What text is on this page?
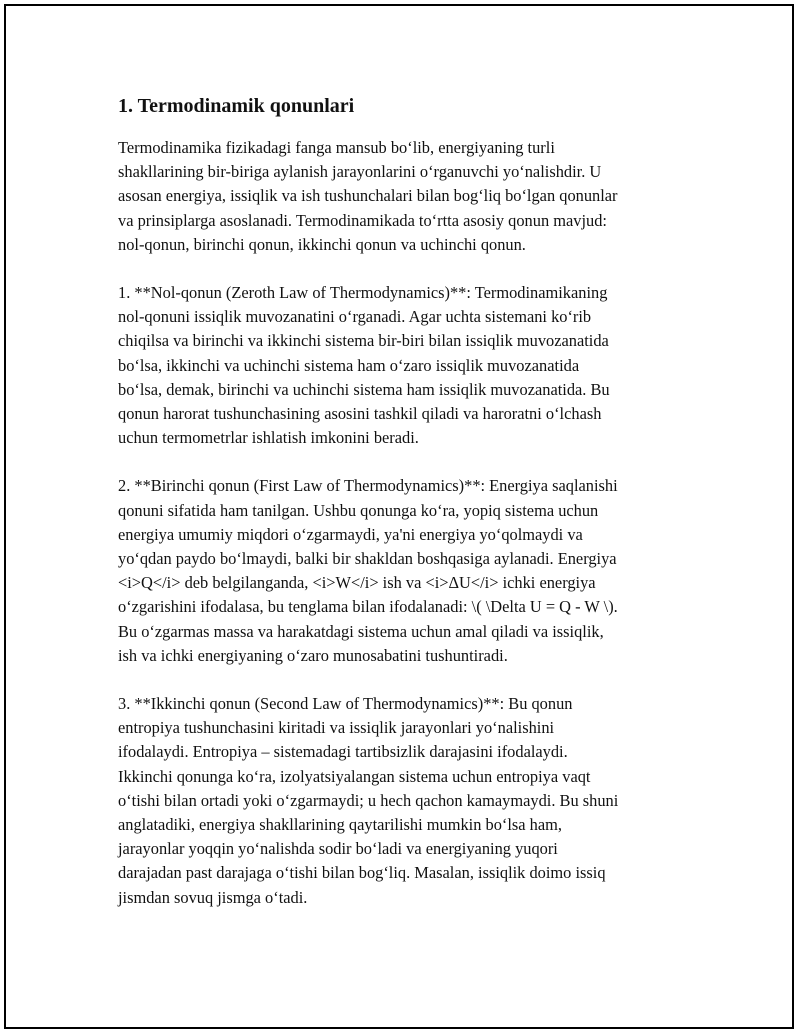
1. Termodinamik qonunlari

Termodinamika fizikadagi fanga mansub bo‘lib, energiyaning turli
shakllarining bir-biriga aylanish jarayonlarini o‘rganuvchi yo‘nalishdir. U
asosan energiya, issiqlik va ish tushunchalari bilan bog‘liq bo‘lgan qonunlar
va prinsiplarga asoslanadi. Termodinamikada to‘rtta asosiy qonun mavjud:
nol-qonun, birinchi qonun, ikkinchi qonun va uchinchi qonun.

1. **Nol-qonun (Zeroth Law of Thermodynamics)**: Termodinamikaning
nol-qonuni issiqlik muvozanatini o‘rganadi. Agar uchta sistemani ko‘rib
chiqilsa va birinchi va ikkinchi sistema bir-biri bilan issiqlik muvozanatida
bo‘lsa, ikkinchi va uchinchi sistema ham o‘zaro issiqlik muvozanatida
bo‘lsa, demak, birinchi va uchinchi sistema ham issiqlik muvozanatida. Bu
qonun harorat tushunchasining asosini tashkil qiladi va haroratni o‘lchash
uchun termometrlar ishlatish imkonini beradi.

2. **Birinchi qonun (First Law of Thermodynamics)**: Energiya saqlanishi
qonuni sifatida ham tanilgan. Ushbu qonunga ko‘ra, yopiq sistema uchun
energiya umumiy miqdori o‘zgarmaydi, ya'ni energiya yo‘qolmaydi va
yo‘qdan paydo bo‘lmaydi, balki bir shakldan boshqasiga aylanadi. Energiya
<i>Q</i> deb belgilanganda, <i>W</i> ish va <i>ΔU</i> ichki energiya
o‘zgarishini ifodalasa, bu tenglama bilan ifodalanadi: \( \Delta U = Q - W \).
Bu o‘zgarmas massa va harakatdagi sistema uchun amal qiladi va issiqlik,
ish va ichki energiyaning o‘zaro munosabatini tushuntiradi.

3. **Ikkinchi qonun (Second Law of Thermodynamics)**: Bu qonun
entropiya tushunchasini kiritadi va issiqlik jarayonlari yo‘nalishini
ifodalaydi. Entropiya – sistemadagi tartibsizlik darajasini ifodalaydi.
Ikkinchi qonunga ko‘ra, izolyatsiyalangan sistema uchun entropiya vaqt
o‘tishi bilan ortadi yoki o‘zgarmaydi; u hech qachon kamaymaydi. Bu shuni
anglatadiki, energiya shakllarining qaytarilishi mumkin bo‘lsa ham,
jarayonlar yoqqin yo‘nalishda sodir bo‘ladi va energiyaning yuqori
darajadan past darajaga o‘tishi bilan bog‘liq. Masalan, issiqlik doimo issiq
jismdan sovuq jismga o‘tadi.
